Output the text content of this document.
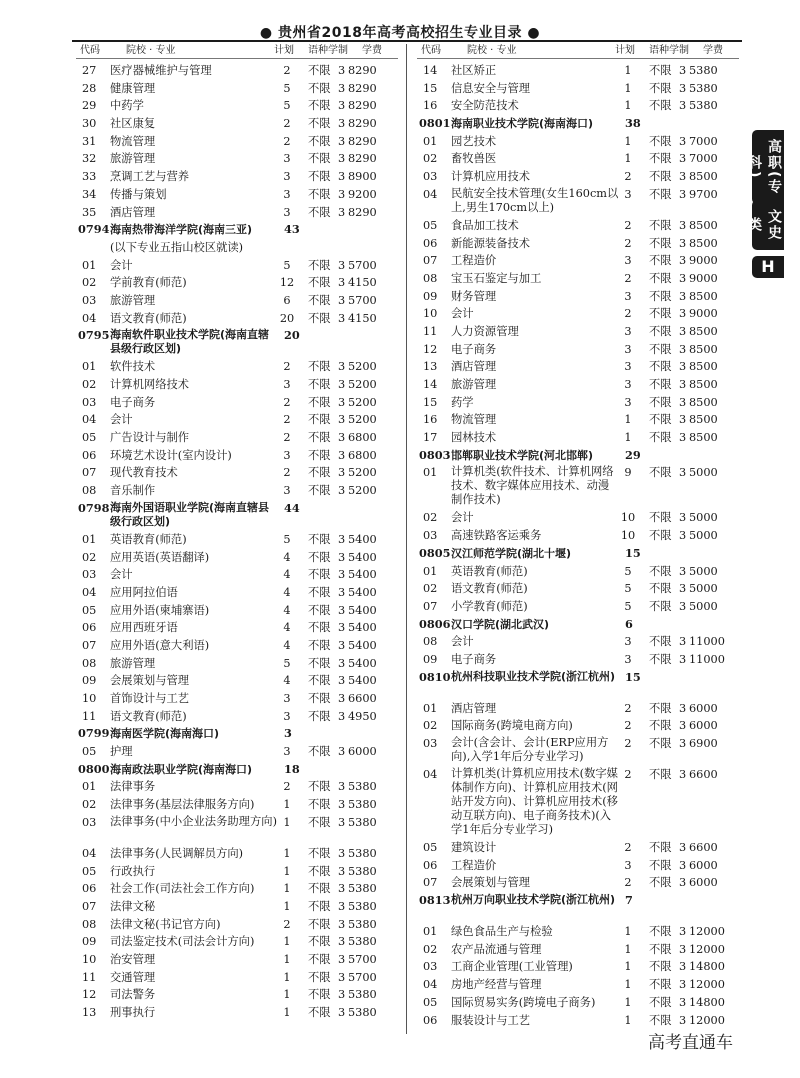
● 贵州省2018年高考高校招生专业目录 ●
代码	院校 · 专业	计划 语种 学制 学费
27 医疗器械维护与管理	2	不限 3 8290
28 健康管理	5	不限 3 8290
29 中药学	5	不限 3 8290
30 社区康复	2	不限 3 8290
31 物流管理	2	不限 3 8290
32 旅游管理	3	不限 3 8290
33 烹调工艺与营养	3	不限 3 8900
34 传播与策划	3	不限 3 9200
35 酒店管理	3	不限 3 8290
0794 海南热带海洋学院(海南三亚)	43
(以下专业五指山校区就读)
01 会计	5	不限 3 5700
02 学前教育(师范)	12	不限 3 4150
03 旅游管理	6	不限 3 5700
04 语文教育(师范)	20	不限 3 4150
0795 海南软件职业技术学院(海南直辖县级行政区划)
20
01 软件技术	2	不限 3 5200
02 计算机网络技术	3	不限 3 5200
03 电子商务	2	不限 3 5200
04 会计	2	不限 3 5200
05 广告设计与制作	2	不限 3 6800
06 环境艺术设计(室内设计)	3	不限 3 6800
07 现代教育技术	2	不限 3 5200
08 音乐制作	3	不限 3 5200
0798 海南外国语职业学院(海南直辖县级行政区划)
44
01 英语教育(师范)	5	不限 3 5400
02 应用英语(英语翻译)	4	不限 3 5400
03 会计	4	不限 3 5400
04 应用阿拉伯语	4	不限 3 5400
05 应用外语(柬埔寨语)	4	不限 3 5400
06 应用西班牙语	4	不限 3 5400
07 应用外语(意大利语)	4	不限 3 5400
08 旅游管理	5	不限 3 5400
09 会展策划与管理	4	不限 3 5400
10 首饰设计与工艺	3	不限 3 6600
11 语文教育(师范)	3	不限 3 4950
0799 海南医学院(海南海口)	3
05 护理	3	不限 3 6000
0800 海南政法职业学院(海南海口)	18
01 法律事务	2	不限 3 5380
02 法律事务(基层法律服务方向)	1	不限 3 5380
03 法律事务(中小企业法务助理方向) 1	不限 3 5380
04 法律事务(人民调解员方向)	1	不限 3 5380
05 行政执行	1	不限 3 5380
06 社会工作(司法社会工作方向)	1	不限 3 5380
07 法律文秘	1	不限 3 5380
08 法律文秘(书记官方向)	2	不限 3 5380
09 司法鉴定技术(司法会计方向)	1	不限 3 5380
10 治安管理	1	不限 3 5700
11 交通管理	1	不限 3 5700
12 司法警务	1	不限 3 5380
13 刑事执行	1	不限 3 5380
代码	院校 · 专业	计划 语种 学制 学费
14 社区矫正	1	不限 3 5380
15 信息安全与管理	1	不限 3 5380
16 安全防范技术	1	不限 3 5380
0801 海南职业技术学院(海南海口)	38
01 园艺技术	1	不限 3 7000
02 畜牧兽医	1	不限 3 7000
03 计算机应用技术	2	不限 3 8500
04 民航安全技术管理(女生160cm以上,男生170cm以上)
3	不限 3 9700
05 食品加工技术	2	不限 3 8500
06 新能源装备技术	2	不限 3 8500
07 工程造价	3	不限 3 9000
08 宝玉石鉴定与加工	2	不限 3 9000
09 财务管理	3	不限 3 8500
10 会计	2	不限 3 9000
11 人力资源管理	3	不限 3 8500
12 电子商务	3	不限 3 8500
13 酒店管理	3	不限 3 8500
14 旅游管理	3	不限 3 8500
15 药学	3	不限 3 8500
16 物流管理	1	不限 3 8500
17 园林技术	1	不限 3 8500
0803 邯郸职业技术学院(河北邯郸)	29
01 计算机类(软件技术、计算机网络技术、数字媒体应用技术、动漫制作技术)
9	不限 3 5000
02 会计	10	不限 3 5000
03 高速铁路客运乘务	10	不限 3 5000
0805 汉江师范学院(湖北十堰)	15
01 英语教育(师范)	5	不限 3 5000
02 语文教育(师范)	5	不限 3 5000
07 小学教育(师范)	5	不限 3 5000
0806 汉口学院(湖北武汉)	6
08 会计	3	不限 3 11000
09 电子商务	3	不限 3 11000
0810 杭州科技职业技术学院(浙江杭州) 15
01 酒店管理	2	不限 3 6000
02 国际商务(跨境电商方向)	2	不限 3 6000
03 会计(含会计、会计(ERP应用方向),入学1年后分专业学习)
2	不限 3 6900
04 计算机类(计算机应用技术(数字媒体制作方向)、计算机应用技术(网站开发方向)、计算机应用技术(移动互联方向)、电子商务技术)(入学1年后分专业学习)
2	不限 3 6600
05 建筑设计	2	不限 3 6600
06 工程造价	3	不限 3 6000
07 会展策划与管理	2	不限 3 6000
0813 杭州万向职业技术学院(浙江杭州) 7
01 绿色食品生产与检验	1	不限 3 12000
02 农产品流通与管理	1	不限 3 12000
03 工商企业管理(工业管理)	1	不限 3 14800
04 房地产经营与管理	1	不限 3 12000
05 国际贸易实务(跨境电子商务)	1	不限 3 14800
06 服装设计与工艺	1	不限 3 12000
高职(专科)
文史类
H
高考直通车
